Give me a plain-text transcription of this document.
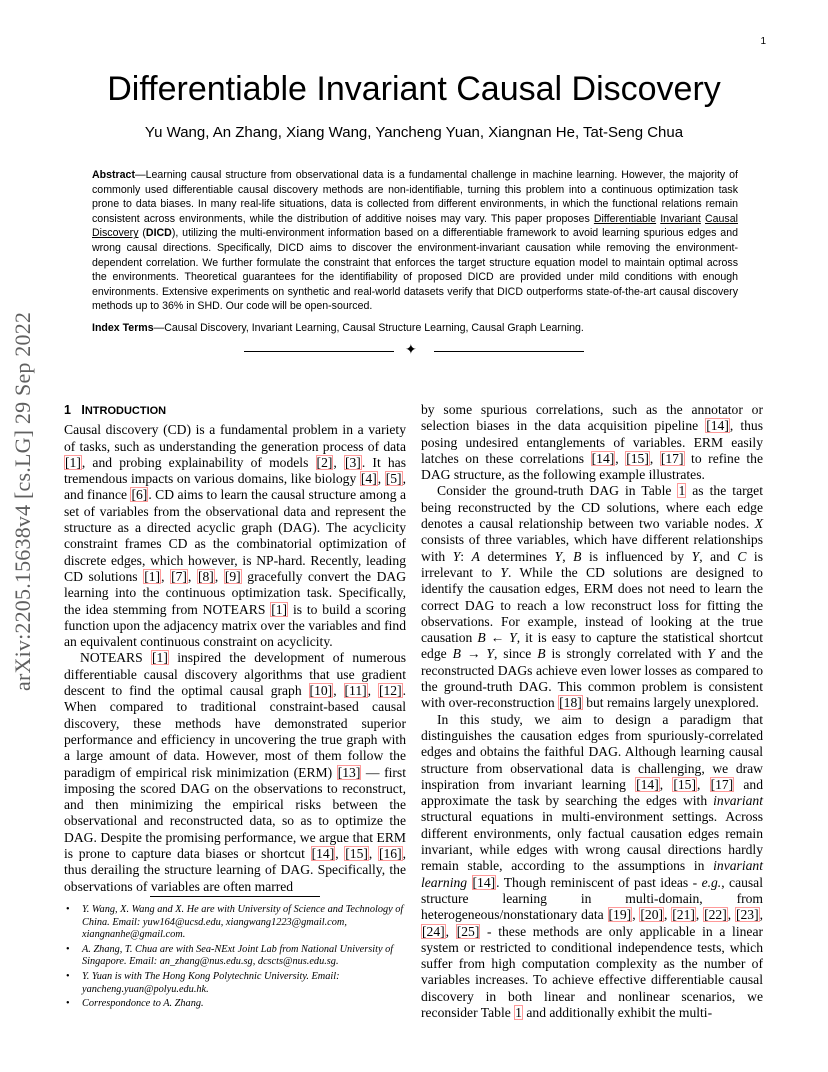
1
arXiv:2205.15638v4 [cs.LG] 29 Sep 2022
Differentiable Invariant Causal Discovery
Yu Wang, An Zhang, Xiang Wang, Yancheng Yuan, Xiangnan He, Tat-Seng Chua
Abstract—Learning causal structure from observational data is a fundamental challenge in machine learning. However, the majority of commonly used differentiable causal discovery methods are non-identifiable, turning this problem into a continuous optimization task prone to data biases. In many real-life situations, data is collected from different environments, in which the functional relations remain consistent across environments, while the distribution of additive noises may vary. This paper proposes Differentiable Invariant Causal Discovery (DICD), utilizing the multi-environment information based on a differentiable framework to avoid learning spurious edges and wrong causal directions. Specifically, DICD aims to discover the environment-invariant causation while removing the environment-dependent correlation. We further formulate the constraint that enforces the target structure equation model to maintain optimal across the environments. Theoretical guarantees for the identifiability of proposed DICD are provided under mild conditions with enough environments. Extensive experiments on synthetic and real-world datasets verify that DICD outperforms state-of-the-art causal discovery methods up to 36% in SHD. Our code will be open-sourced.
Index Terms—Causal Discovery, Invariant Learning, Causal Structure Learning, Causal Graph Learning.
✦
1 INTRODUCTION

Causal discovery (CD) is a fundamental problem in a variety of tasks, such as understanding the generation process of data [1], and probing explainability of models [2], [3]. It has tremendous impacts on various domains, like biology [4], [5], and finance [6]. CD aims to learn the causal structure among a set of variables from the observational data and represent the structure as a directed acyclic graph (DAG). The acyclicity constraint frames CD as the combinatorial optimization of discrete edges, which however, is NP-hard. Recently, leading CD solutions [1], [7], [8], [9] gracefully convert the DAG learning into the continuous optimization task. Specifically, the idea stemming from NOTEARS [1] is to build a scoring function upon the adjacency matrix over the variables and find an equivalent continuous constraint on acyclicity.

NOTEARS [1] inspired the development of numerous differentiable causal discovery algorithms that use gradient descent to find the optimal causal graph [10], [11], [12]. When compared to traditional constraint-based causal discovery, these methods have demonstrated superior performance and efficiency in uncovering the true graph with a large amount of data. However, most of them follow the paradigm of empirical risk minimization (ERM) [13] — first imposing the scored DAG on the observations to reconstruct, and then minimizing the empirical risks between the observational and reconstructed data, so as to optimize the DAG. Despite the promising performance, we argue that ERM is prone to capture data biases or shortcut [14], [15], [16], thus derailing the structure learning of DAG. Specifically, the observations of variables are often marred

• Y. Wang, X. Wang and X. He are with University of Science and Technology of China. Email: yuw164@ucsd.edu, xiangwang1223@gmail.com, xiangnanhe@gmail.com.
• A. Zhang, T. Chua are with Sea-NExt Joint Lab from National University of Singapore. Email: an_zhang@nus.edu.sg, dcscts@nus.edu.sg.
• Y. Yuan is with The Hong Kong Polytechnic University. Email: yancheng.yuan@polyu.edu.hk.
• Correspondonce to A. Zhang.

by some spurious correlations, such as the annotator or selection biases in the data acquisition pipeline [14], thus posing undesired entanglements of variables. ERM easily latches on these correlations [14], [15], [17] to refine the DAG structure, as the following example illustrates.

Consider the ground-truth DAG in Table 1 as the target being reconstructed by the CD solutions, where each edge denotes a causal relationship between two variable nodes. X consists of three variables, which have different relationships with Y: A determines Y, B is influenced by Y, and C is irrelevant to Y. While the CD solutions are designed to identify the causation edges, ERM does not need to learn the correct DAG to reach a low reconstruct loss for fitting the observations. For example, instead of looking at the true causation B ← Y, it is easy to capture the statistical shortcut edge B → Y, since B is strongly correlated with Y and the reconstructed DAGs achieve even lower losses as compared to the ground-truth DAG. This common problem is consistent with over-reconstruction [18] but remains largely unexplored.

In this study, we aim to design a paradigm that distinguishes the causation edges from spuriously-correlated edges and obtains the faithful DAG. Although learning causal structure from observational data is challenging, we draw inspiration from invariant learning [14], [15], [17] and approximate the task by searching the edges with invariant structural equations in multi-environment settings. Across different environments, only factual causation edges remain invariant, while edges with wrong causal directions hardly remain stable, according to the assumptions in invariant learning [14]. Though reminiscent of past ideas - e.g., causal structure learning in multi-domain, from heterogeneous/nonstationary data [19], [20], [21], [22], [23], [24], [25] - these methods are only applicable in a linear system or restricted to conditional independence tests, which suffer from high computation complexity as the number of variables increases. To achieve effective differentiable causal discovery in both linear and nonlinear scenarios, we reconsider Table 1 and additionally exhibit the multi-
